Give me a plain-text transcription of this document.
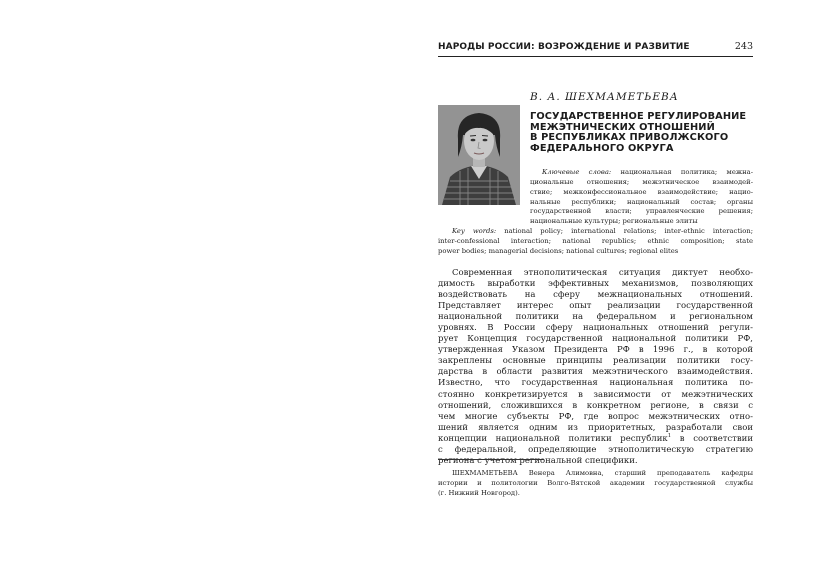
НАРОДЫ РОССИИ: ВОЗРОЖДЕНИЕ И РАЗВИТИЕ	243
В. А. ШЕХМАМЕТЬЕВА
ГОСУДАРСТВЕННОЕ РЕГУЛИРОВАНИЕ
МЕЖЭТНИЧЕСКИХ ОТНОШЕНИЙ
В РЕСПУБЛИКАХ ПРИВОЛЖСКОГО
ФЕДЕРАЛЬНОГО ОКРУГА
Ключевые слова: национальная политика; межна-
циональные отношения; межэтническое взаимодей-
ствие; межконфессиональное взаимодействие; нацио-
нальные республики; национальный состав; органы
государственной власти; управленческие решения;
национальные культуры; региональные элиты
Key words: national policy; international relations; inter-ethnic interaction;
inter-confessional interaction; national republics; ethnic composition; state
power bodies; managerial decisions; national cultures; regional elites
Современная этнополитическая ситуация диктует необхо-
димость выработки эффективных механизмов, позволяющих
воздействовать на сферу межнациональных отношений.
Представляет интерес опыт реализации государственной
национальной политики на федеральном и региональном
уровнях. В России сферу национальных отношений регули-
рует Концепция государственной национальной политики РФ,
утвержденная Указом Президента РФ в 1996 г., в которой
закреплены основные принципы реализации политики госу-
дарства в области развития межэтнического взаимодействия.
Известно, что государственная национальная политика по-
стоянно конкретизируется в зависимости от межэтнических
отношений, сложившихся в конкретном регионе, в связи с
чем многие субъекты РФ, где вопрос межэтнических отно-
шений является одним из приоритетных, разработали свои
концепции национальной политики республик$^1$ в соответствии
с федеральной, определяющие этнополитическую стратегию
региона с учетом региональной специфики.
ШЕХМАМЕТЬЕВА Венера Алимовна, старший преподаватель кафедры
истории и политологии Волго-Вятской академии государственной службы
(г. Нижний Новгород).
